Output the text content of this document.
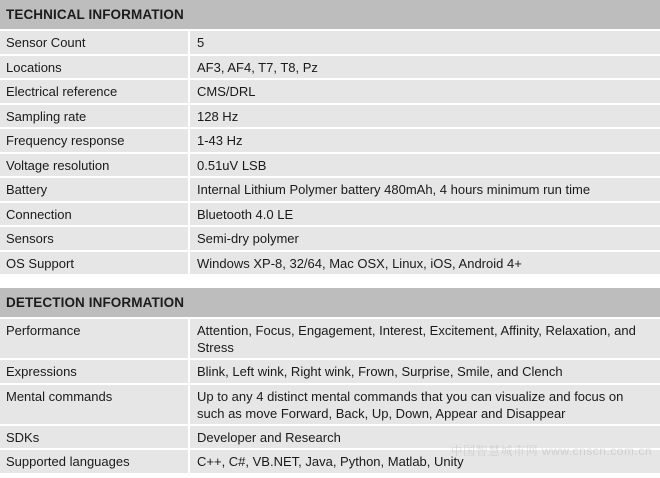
TECHNICAL INFORMATION
Sensor Count	5
Locations	AF3, AF4, T7, T8, Pz
Electrical reference	CMS/DRL
Sampling rate	128 Hz
Frequency response	1-43 Hz
Voltage resolution	0.51uV LSB
Battery	Internal Lithium Polymer battery 480mAh, 4 hours minimum run time
Connection	Bluetooth 4.0 LE
Sensors	Semi-dry polymer
OS Support	Windows XP-8, 32/64, Mac OSX, Linux, iOS, Android 4+
DETECTION INFORMATION
Performance	Attention, Focus, Engagement, Interest, Excitement, Affinity, Relaxation, and Stress
Expressions	Blink, Left wink, Right wink, Frown, Surprise, Smile, and Clench
Mental commands	Up to any 4 distinct mental commands that you can visualize and focus on such as move Forward, Back, Up, Down, Appear and Disappear
SDKs	Developer and Research
Supported languages	C++, C#, VB.NET, Java, Python, Matlab, Unity
中国智慧城市网 www.cnscn.com.cn
